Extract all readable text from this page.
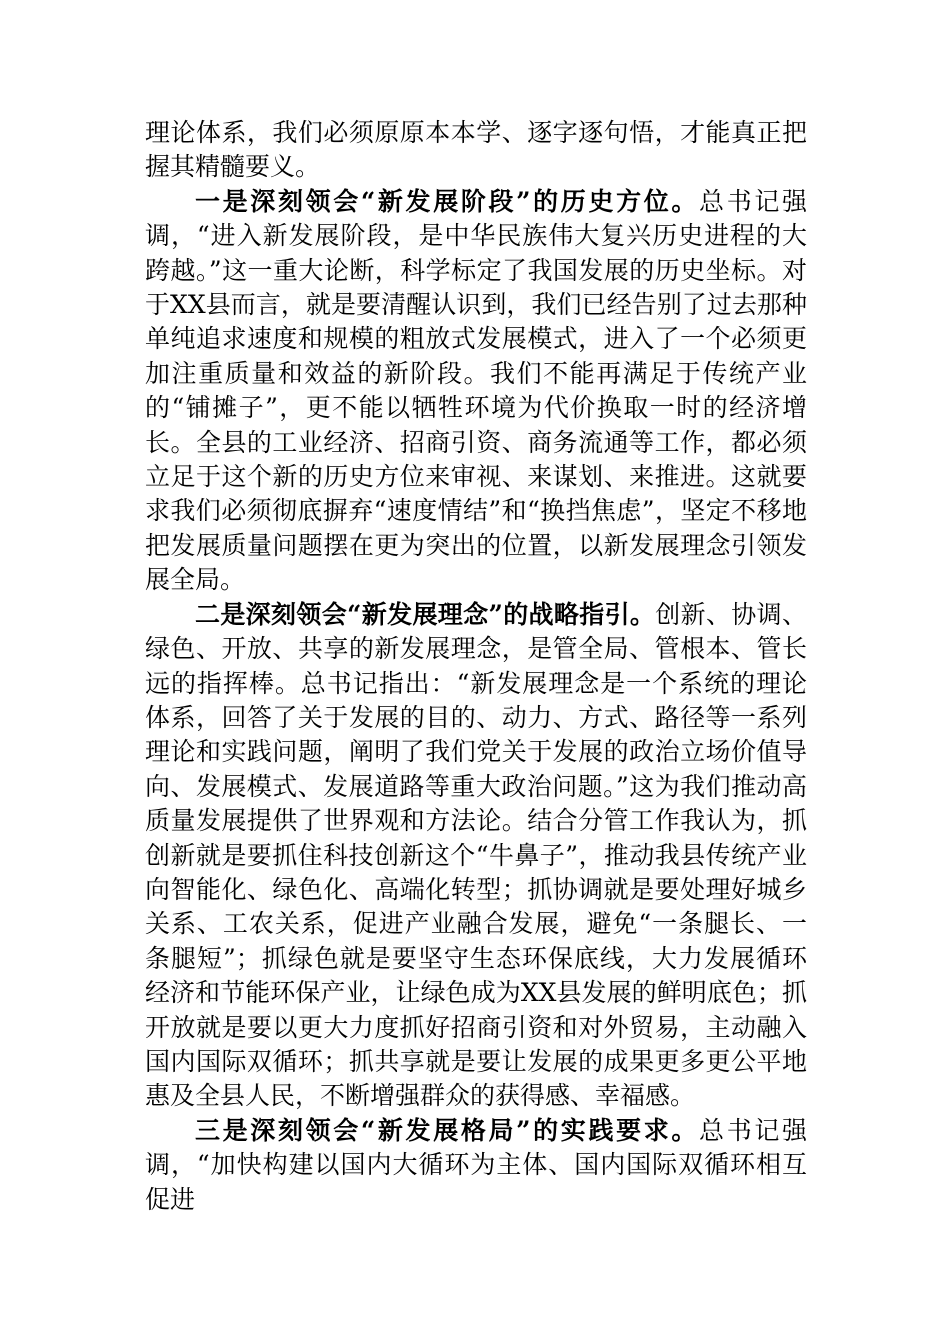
理论体系，我们必须原原本本学、逐字逐句悟，才能真正把握其精髓要义。

一是深刻领会“新发展阶段”的历史方位。总书记强调，“进入新发展阶段，是中华民族伟大复兴历史进程的大跨越。”这一重大论断，科学标定了我国发展的历史坐标。对于XX县而言，就是要清醒认识到，我们已经告别了过去那种单纯追求速度和规模的粗放式发展模式，进入了一个必须更加注重质量和效益的新阶段。我们不能再满足于传统产业的“铺摊子”，更不能以牺牲环境为代价换取一时的经济增长。全县的工业经济、招商引资、商务流通等工作，都必须立足于这个新的历史方位来审视、来谋划、来推进。这就要求我们必须彻底摒弃“速度情结”和“换挡焦虑”，坚定不移地把发展质量问题摆在更为突出的位置，以新发展理念引领发展全局。

二是深刻领会“新发展理念”的战略指引。创新、协调、绿色、开放、共享的新发展理念，是管全局、管根本、管长远的指挥棒。总书记指出：“新发展理念是一个系统的理论体系，回答了关于发展的目的、动力、方式、路径等一系列理论和实践问题，阐明了我们党关于发展的政治立场价值导向、发展模式、发展道路等重大政治问题。”这为我们推动高质量发展提供了世界观和方法论。结合分管工作我认为，抓创新就是要抓住科技创新这个“牛鼻子”，推动我县传统产业向智能化、绿色化、高端化转型；抓协调就是要处理好城乡关系、工农关系，促进产业融合发展，避免“一条腿长、一条腿短”；抓绿色就是要坚守生态环保底线，大力发展循环经济和节能环保产业，让绿色成为XX县发展的鲜明底色；抓开放就是要以更大力度抓好招商引资和对外贸易，主动融入国内国际双循环；抓共享就是要让发展的成果更多更公平地惠及全县人民，不断增强群众的获得感、幸福感。

三是深刻领会“新发展格局”的实践要求。总书记强调，“加快构建以国内大循环为主体、国内国际双循环相互促进
